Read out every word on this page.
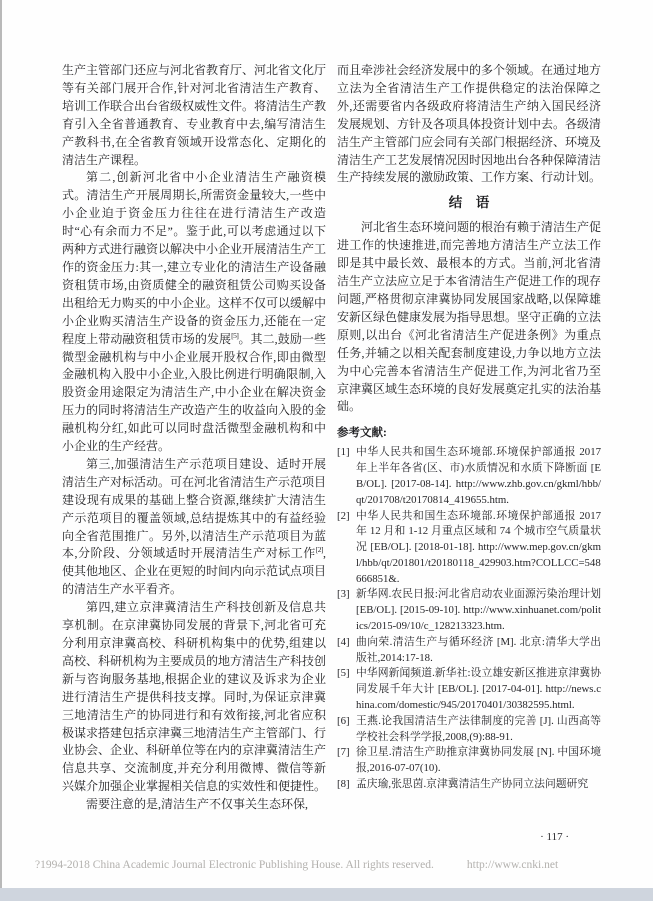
生产主管部门还应与河北省教育厅、河北省文化厅等有关部门展开合作,针对河北省清洁生产教育、培训工作联合出台省级权威性文件。将清洁生产教育引入全省普通教育、专业教育中去,编写清洁生产教科书,在全省教育领域开设常态化、定期化的清洁生产课程。

第二,创新河北省中小企业清洁生产融资模式。清洁生产开展周期长,所需资金量较大,一些中小企业迫于资金压力往往在进行清洁生产改造时“心有余而力不足”。鉴于此,可以考虑通过以下两种方式进行融资以解决中小企业开展清洁生产工作的资金压力:其一,建立专业化的清洁生产设备融资租赁市场,由资质健全的融资租赁公司购买设备出租给无力购买的中小企业。这样不仅可以缓解中小企业购买清洁生产设备的资金压力,还能在一定程度上带动融资租赁市场的发展[5]。其二,鼓励一些微型金融机构与中小企业展开股权合作,即由微型金融机构入股中小企业,入股比例进行明确限制,入股资金用途限定为清洁生产,中小企业在解决资金压力的同时将清洁生产改造产生的收益向入股的金融机构分红,如此可以同时盘活微型金融机构和中小企业的生产经营。

第三,加强清洁生产示范项目建设、适时开展清洁生产对标活动。可在河北省清洁生产示范项目建设现有成果的基础上整合资源,继续扩大清洁生产示范项目的覆盖领域,总结提炼其中的有益经验向全省范围推广。另外,以清洁生产示范项目为蓝本,分阶段、分领域适时开展清洁生产对标工作[2],使其他地区、企业在更短的时间内向示范试点项目的清洁生产水平看齐。

第四,建立京津冀清洁生产科技创新及信息共享机制。在京津冀协同发展的背景下,河北省可充分利用京津冀高校、科研机构集中的优势,组建以高校、科研机构为主要成员的地方清洁生产科技创新与咨询服务基地,根据企业的建议及诉求为企业进行清洁生产提供科技支撑。同时,为保证京津冀三地清洁生产的协同进行和有效衔接,河北省应积极谋求搭建包括京津冀三地清洁生产主管部门、行业协会、企业、科研单位等在内的京津冀清洁生产信息共享、交流制度,并充分利用微博、微信等新兴媒介加强企业掌握相关信息的实效性和便捷性。

需要注意的是,清洁生产不仅事关生态环保,

而且牵涉社会经济发展中的多个领域。在通过地方立法为全省清洁生产工作提供稳定的法治保障之外,还需要省内各级政府将清洁生产纳入国民经济发展规划、方针及各项具体投资计划中去。各级清洁生产主管部门应会同有关部门根据经济、环境及清洁生产工艺发展情况因时因地出台各种保障清洁生产持续发展的激励政策、工作方案、行动计划。

结　语

河北省生态环境问题的根治有赖于清洁生产促进工作的快速推进,而完善地方清洁生产立法工作即是其中最长效、最根本的方式。当前,河北省清洁生产立法应立足于本省清洁生产促进工作的现存问题,严格贯彻京津冀协同发展国家战略,以保障雄安新区绿色健康发展为指导思想。坚守正确的立法原则,以出台《河北省清洁生产促进条例》为重点任务,并辅之以相关配套制度建设,力争以地方立法为中心完善本省清洁生产促进工作,为河北省乃至京津冀区域生态环境的良好发展奠定扎实的法治基础。

参考文献:
[1] 中华人民共和国生态环境部.环境保护部通报 2017 年上半年各省(区、市)水质情况和水质下降断面 [EB/OL]. [2017-08-14]. http://www.zhb.gov.cn/gkml/hbb/qt/201708/t20170814_419655.htm.
[2] 中华人民共和国生态环境部.环境保护部通报 2017 年 12 月和 1-12 月重点区域和 74 个城市空气质量状况 [EB/OL]. [2018-01-18]. http://www.mep.gov.cn/gkml/hbb/qt/201801/t20180118_429903.htm?COLLCC=548666851&.
[3] 新华网.农民日报:河北省启动农业面源污染治理计划 [EB/OL]. [2015-09-10]. http://www.xinhuanet.com/politics/2015-09/10/c_128213323.htm.
[4] 曲向荣.清洁生产与循环经济 [M]. 北京:清华大学出版社,2014:17-18.
[5] 中华网新闻频道.新华社:设立雄安新区推进京津冀协同发展千年大计 [EB/OL]. [2017-04-01]. http://news.china.com/domestic/945/20170401/30382595.html.
[6] 王燕.论我国清洁生产法律制度的完善 [J]. 山西高等学校社会科学学报,2008,(9):88-91.
[7] 徐卫星.清洁生产助推京津冀协同发展 [N]. 中国环境报,2016-07-07(10).
[8] 孟庆瑜,张思茵.京津冀清洁生产协同立法问题研究
· 117 ·
?1994-2018 China Academic Journal Electronic Publishing House. All rights reserved.	http://www.cnki.net
